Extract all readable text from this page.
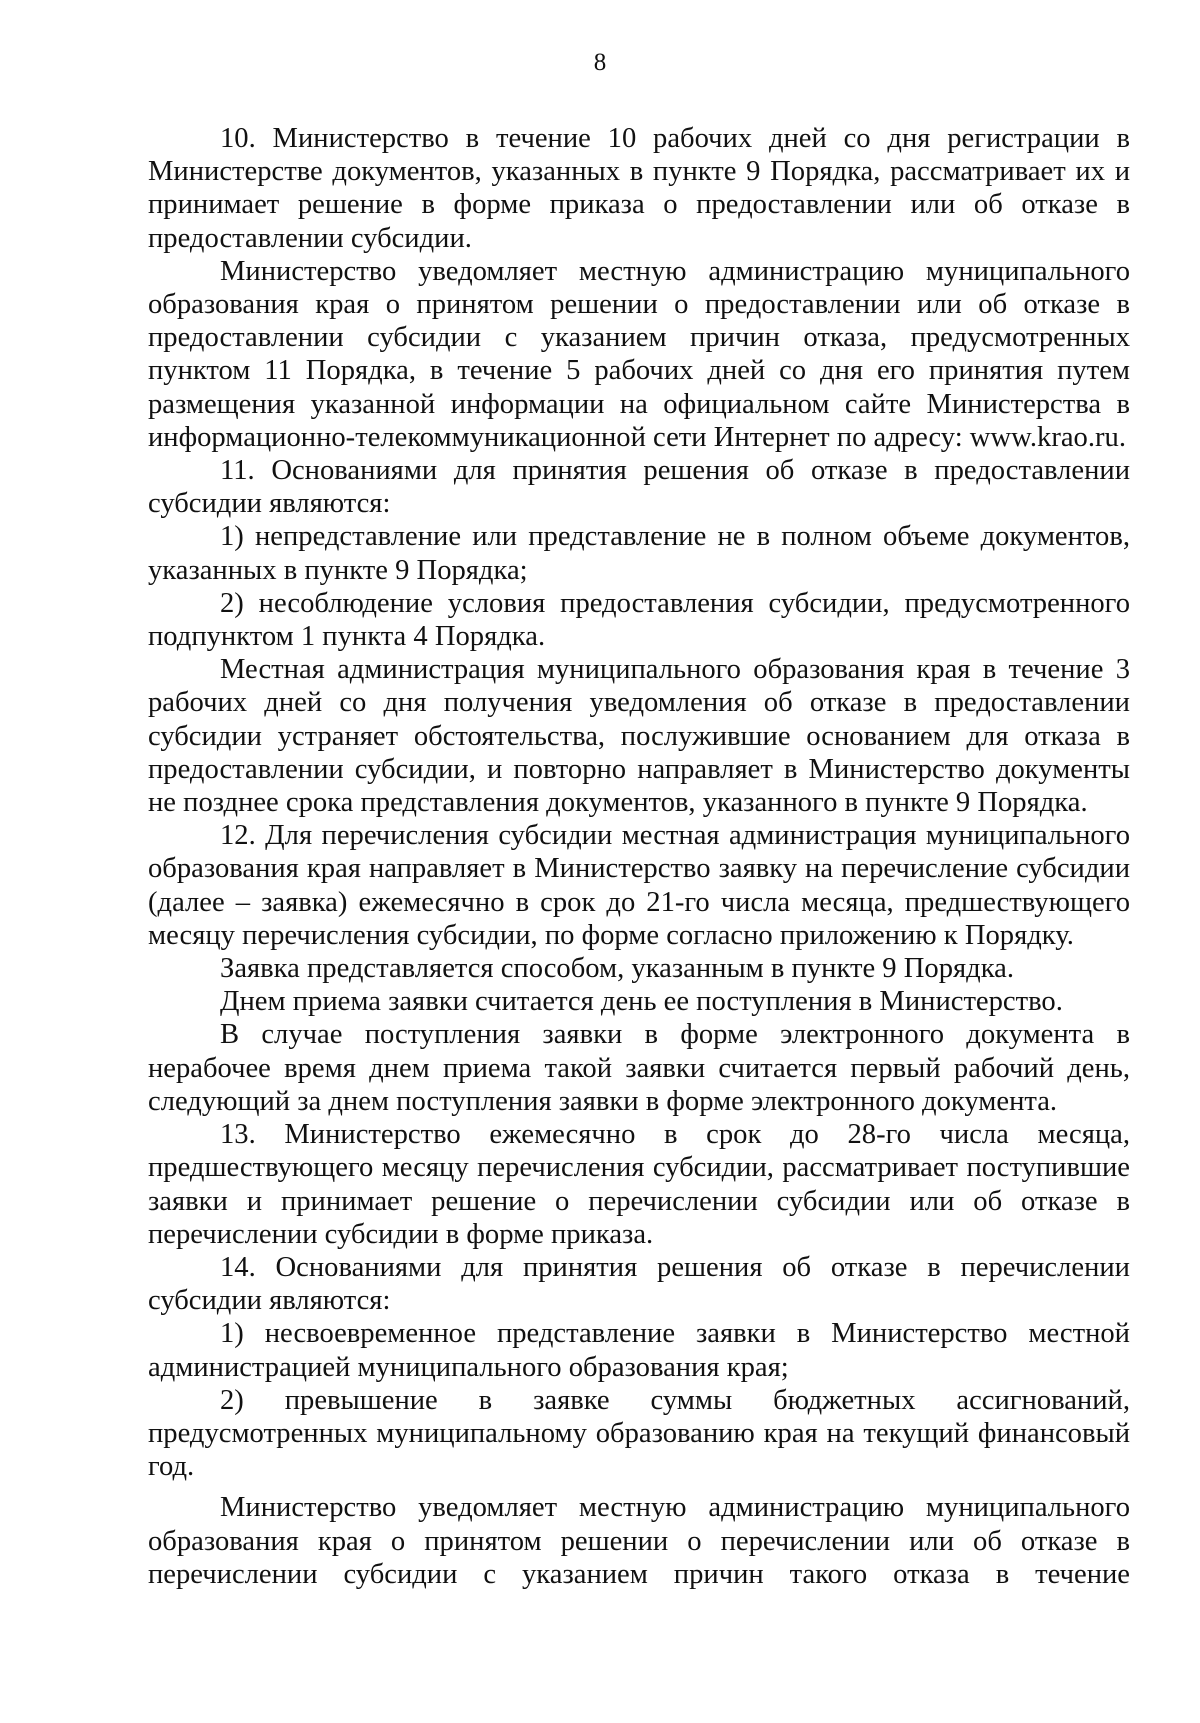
8

10. Министерство в течение 10 рабочих дней со дня регистрации в Министерстве документов, указанных в пункте 9 Порядка, рассматривает их и принимает решение в форме приказа о предоставлении или об отказе в предоставлении субсидии.

Министерство уведомляет местную администрацию муниципального образования края о принятом решении о предоставлении или об отказе в предоставлении субсидии с указанием причин отказа, предусмотренных пунктом 11 Порядка, в течение 5 рабочих дней со дня его принятия путем размещения указанной информации на официальном сайте Министерства в информационно-телекоммуникационной сети Интернет по адресу: www.krao.ru.

11. Основаниями для принятия решения об отказе в предоставлении субсидии являются:

1) непредставление или представление не в полном объеме документов, указанных в пункте 9 Порядка;

2) несоблюдение условия предоставления субсидии, предусмотренного подпунктом 1 пункта 4 Порядка.

Местная администрация муниципального образования края в течение 3 рабочих дней со дня получения уведомления об отказе в предоставлении субсидии устраняет обстоятельства, послужившие основанием для отказа в предоставлении субсидии, и повторно направляет в Министерство документы не позднее срока представления документов, указанного в пункте 9 Порядка.

12. Для перечисления субсидии местная администрация муниципального образования края направляет в Министерство заявку на перечисление субсидии (далее – заявка) ежемесячно в срок до 21-го числа месяца, предшествующего месяцу перечисления субсидии, по форме согласно приложению к Порядку.

Заявка представляется способом, указанным в пункте 9 Порядка.

Днем приема заявки считается день ее поступления в Министерство.

В случае поступления заявки в форме электронного документа в нерабочее время днем приема такой заявки считается первый рабочий день, следующий за днем поступления заявки в форме электронного документа.

13. Министерство ежемесячно в срок до 28-го числа месяца, предшествующего месяцу перечисления субсидии, рассматривает поступившие заявки и принимает решение о перечислении субсидии или об отказе в перечислении субсидии в форме приказа.

14. Основаниями для принятия решения об отказе в перечислении субсидии являются:

1) несвоевременное представление заявки в Министерство местной администрацией муниципального образования края;

2) превышение в заявке суммы бюджетных ассигнований, предусмотренных муниципальному образованию края на текущий финансовый год.

Министерство уведомляет местную администрацию муниципального образования края о принятом решении о перечислении или об отказе в перечислении субсидии с указанием причин такого отказа в течение
